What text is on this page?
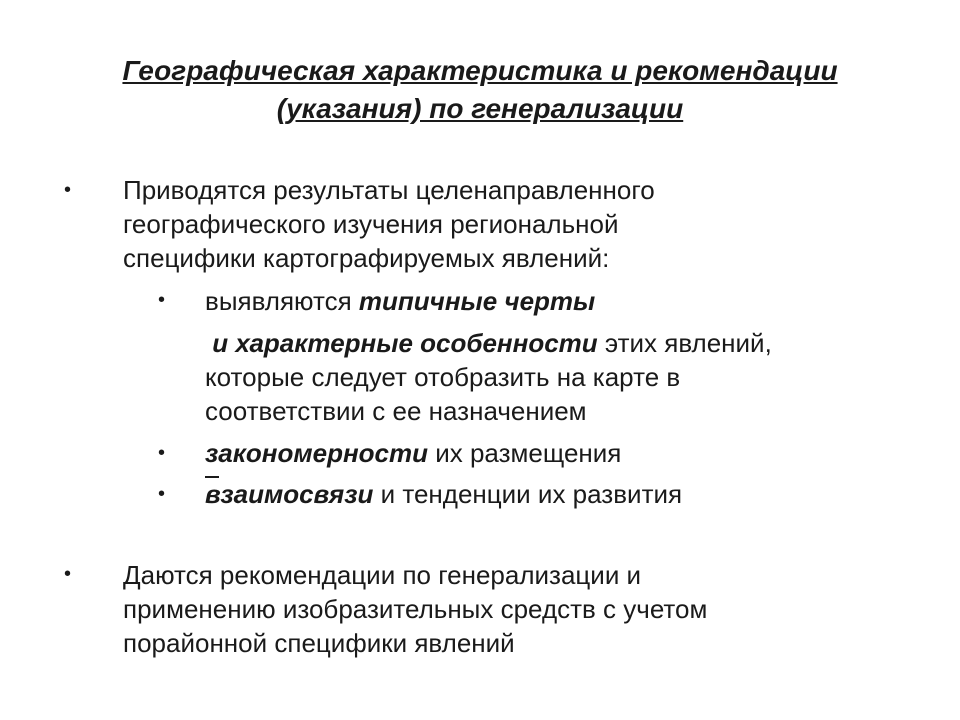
Географическая характеристика и рекомендации
(указания) по генерализации
• Приводятся результаты целенаправленного
географического изучения региональной
специфики картографируемых явлений:
• выявляются типичные черты
и характерные особенности этих явлений,
которые следует отобразить на карте в
соответствии с ее назначением
• закономерности их размещения
• взаимосвязи и тенденции их развития
• Даются рекомендации по генерализации и
применению изобразительных средств с учетом
порайонной специфики явлений
